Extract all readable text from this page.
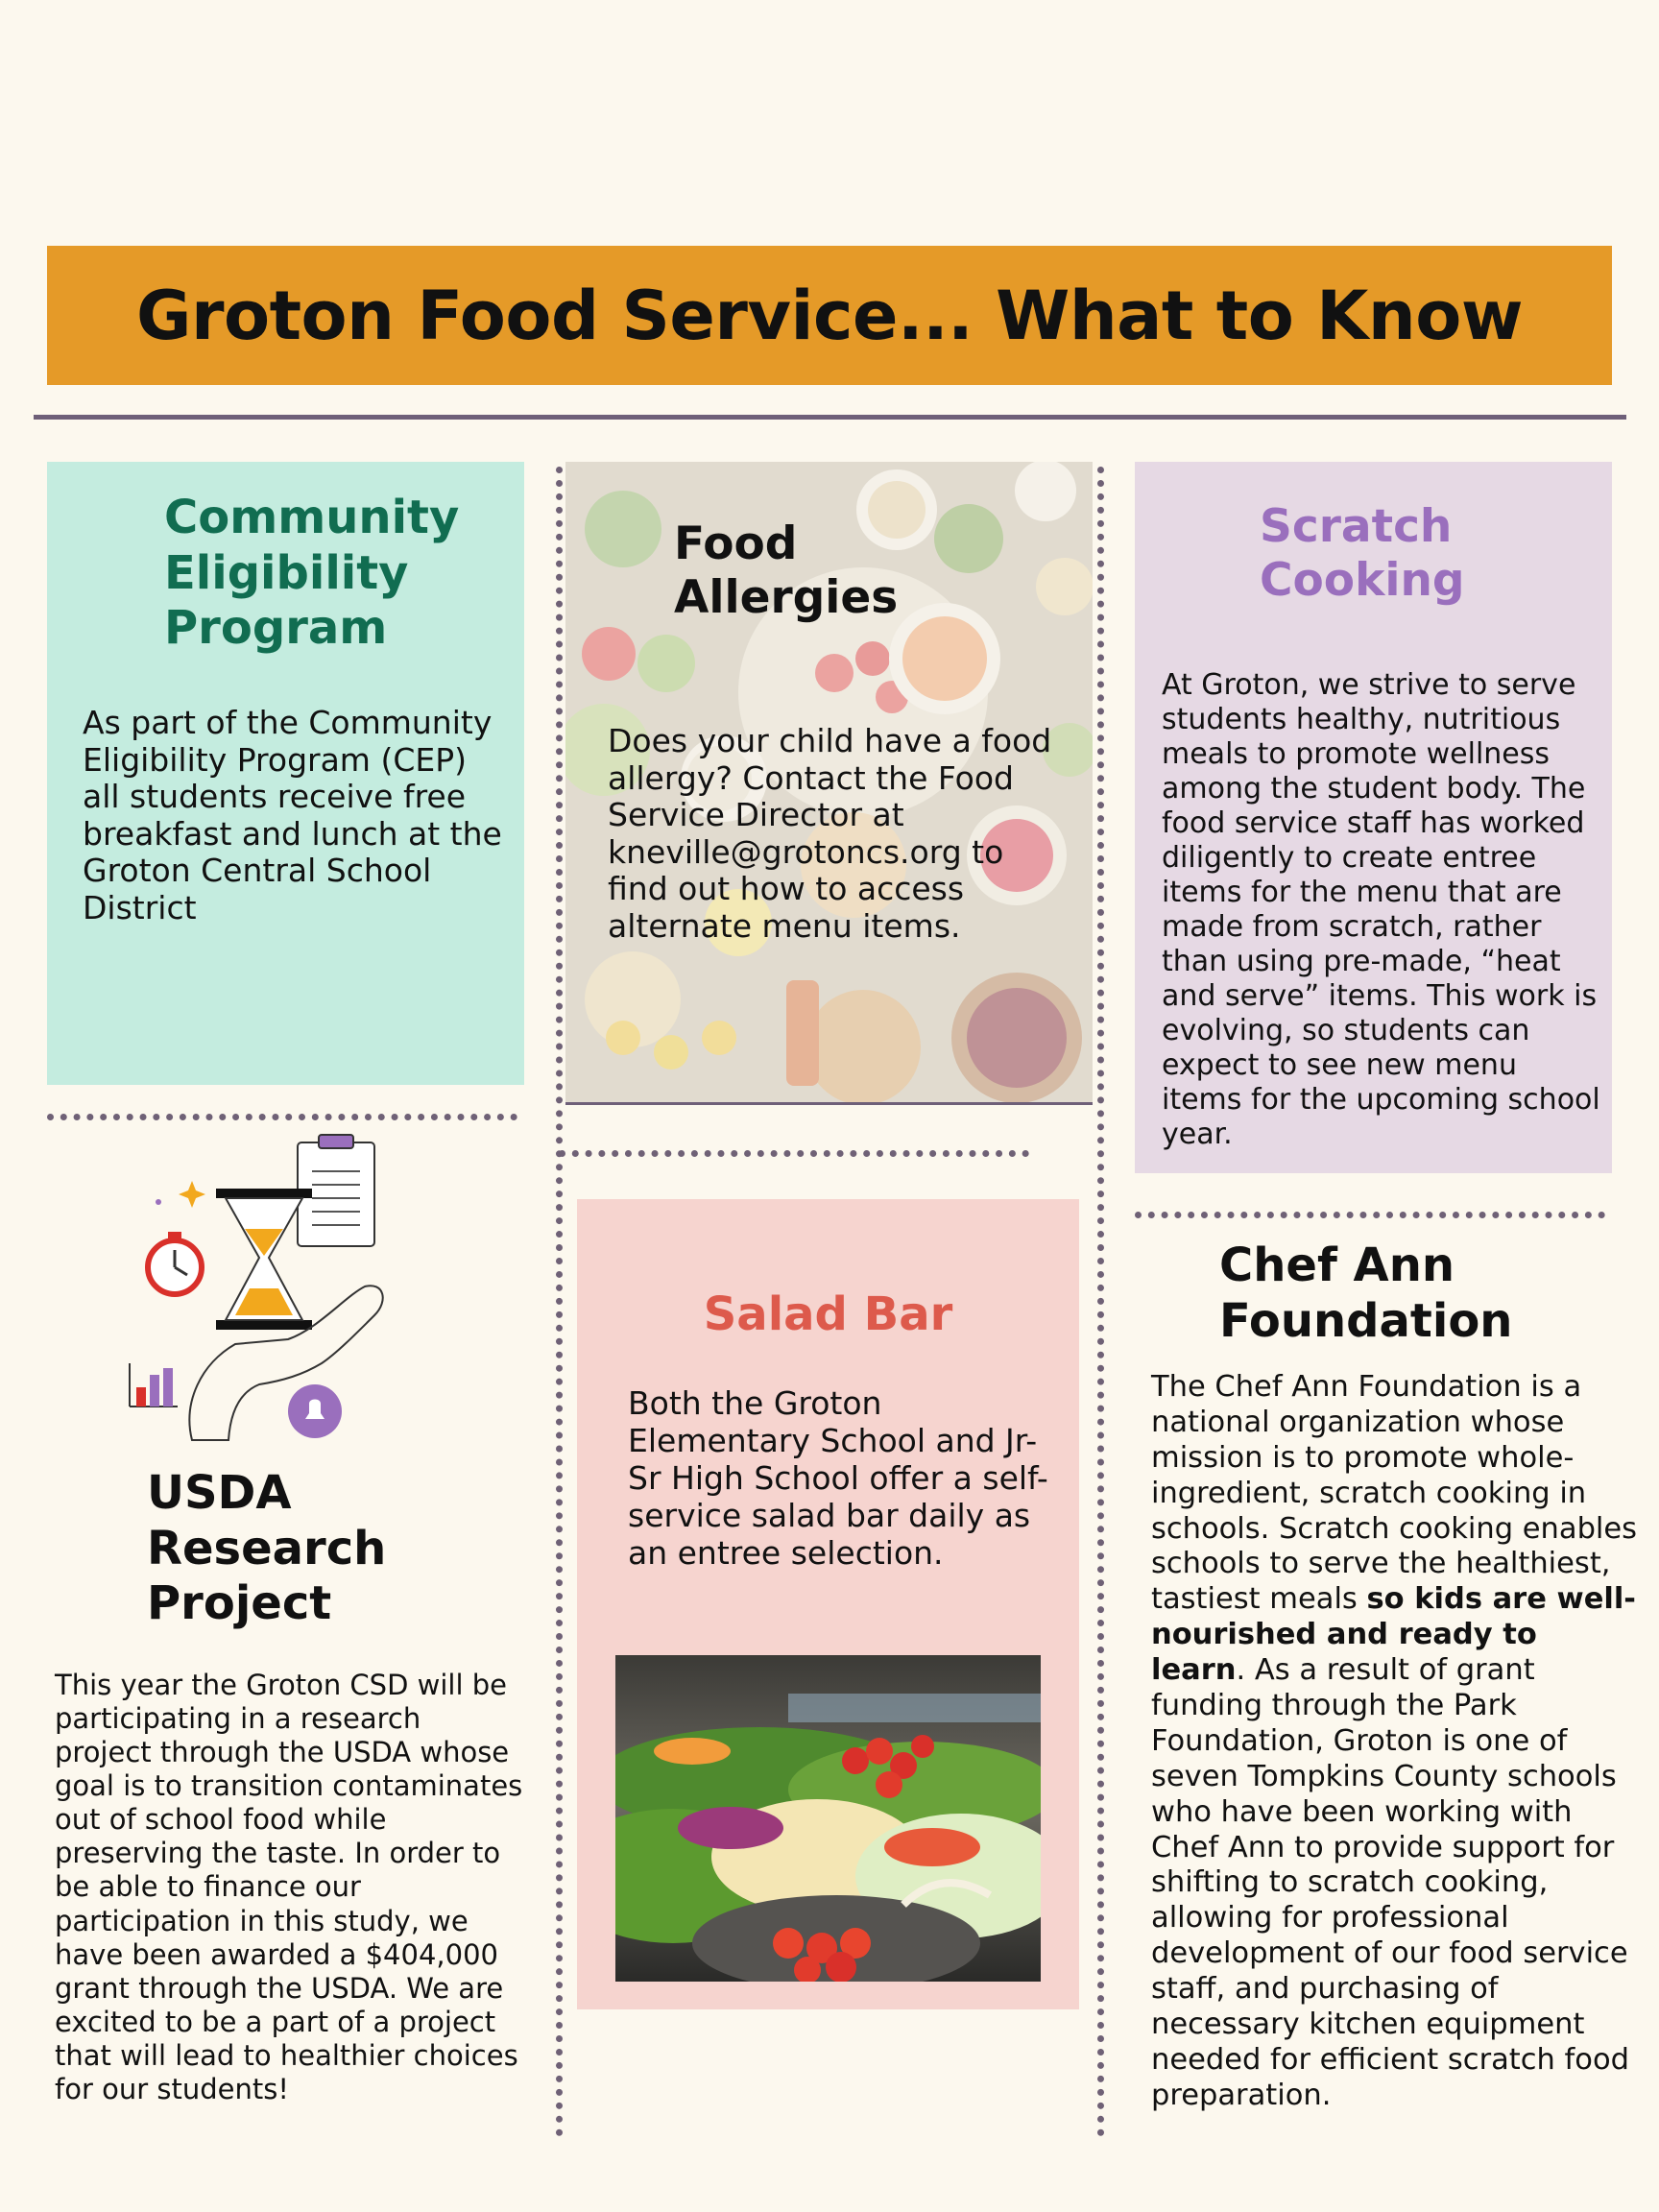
Groton Food Service... What to Know
Community
Eligibility
Program

As part of the Community Eligibility Program (CEP) all students receive free breakfast and lunch at the Groton Central School District

Food
Allergies

Does your child have a food allergy? Contact the Food Service Director at kneville@grotoncs.org to find out how to access alternate menu items.

Scratch
Cooking

At Groton, we strive to serve students healthy, nutritious meals to promote wellness among the student body. The food service staff has worked diligently to create entree items for the menu that are made from scratch, rather than using pre-made, “heat and serve” items. This work is evolving, so students can expect to see new menu items for the upcoming school year.

Salad Bar

Both the Groton Elementary School and Jr-Sr High School offer a self-service salad bar daily as an entree selection.

Chef Ann
Foundation

The Chef Ann Foundation is a national organization whose mission is to promote whole-ingredient, scratch cooking in schools. Scratch cooking enables schools to serve the healthiest, tastiest meals so kids are well-nourished and ready to learn. As a result of grant funding through the Park Foundation, Groton is one of seven Tompkins County schools who have been working with Chef Ann to provide support for shifting to scratch cooking, allowing for professional development of our food service staff, and purchasing of necessary kitchen equipment needed for efficient scratch food preparation.

USDA
Research
Project

This year the Groton CSD will be participating in a research project through the USDA whose goal is to transition contaminates out of school food while preserving the taste. In order to be able to finance our participation in this study, we have been awarded a $404,000 grant through the USDA. We are excited to be a part of a project that will lead to healthier choices for our students!
